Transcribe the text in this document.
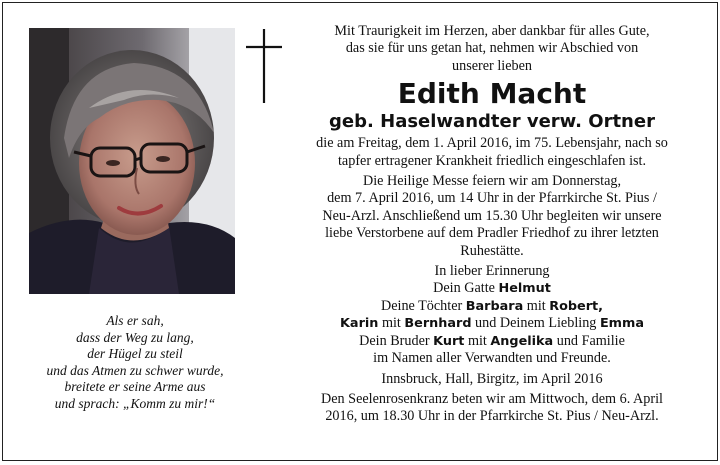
Als er sah,
dass der Weg zu lang,
der Hügel zu steil
und das Atmen zu schwer wurde,
breitete er seine Arme aus
und sprach: „Komm zu mir!“
Mit Traurigkeit im Herzen, aber dankbar für alles Gute,
das sie für uns getan hat, nehmen wir Abschied von
unserer lieben
Edith Macht
geb. Haselwandter verw. Ortner
die am Freitag, dem 1. April 2016, im 75. Lebensjahr, nach so
tapfer ertragener Krankheit friedlich eingeschlafen ist.
Die Heilige Messe feiern wir am Donnerstag,
dem 7. April 2016, um 14 Uhr in der Pfarrkirche St. Pius /
Neu-Arzl. Anschließend um 15.30 Uhr begleiten wir unsere
liebe Verstorbene auf dem Pradler Friedhof zu ihrer letzten
Ruhestätte.
In lieber Erinnerung
Dein Gatte Helmut
Deine Töchter Barbara mit Robert,
Karin mit Bernhard und Deinem Liebling Emma
Dein Bruder Kurt mit Angelika und Familie
im Namen aller Verwandten und Freunde.
Innsbruck, Hall, Birgitz, im April 2016
Den Seelenrosenkranz beten wir am Mittwoch, dem 6. April
2016, um 18.30 Uhr in der Pfarrkirche St. Pius / Neu-Arzl.
